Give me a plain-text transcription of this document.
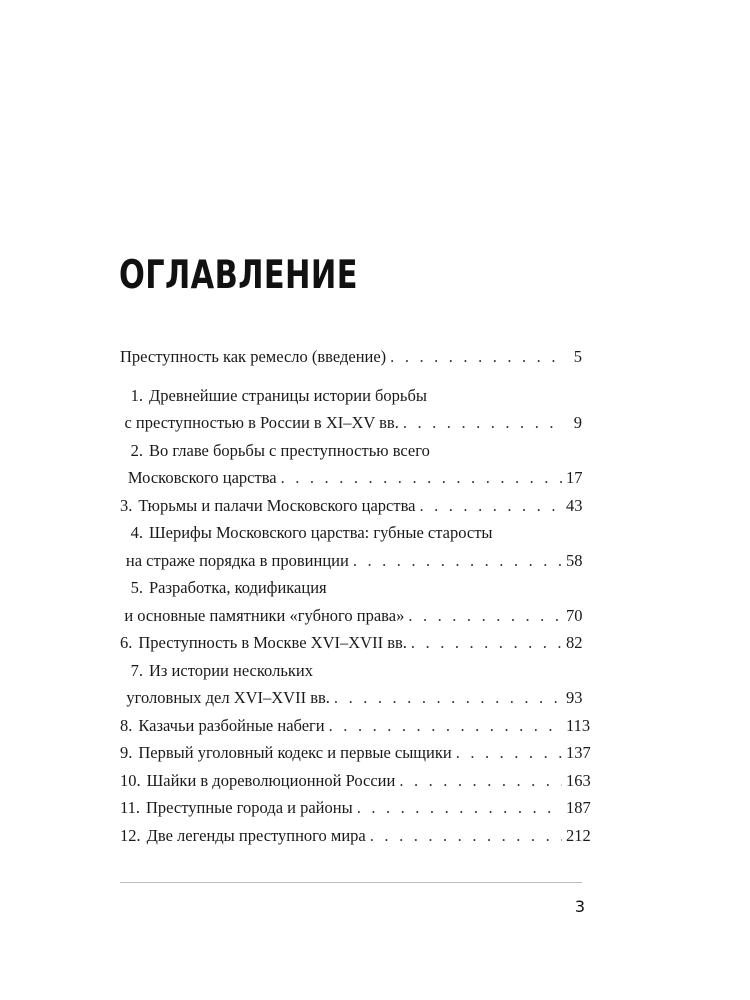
ОГЛАВЛЕНИЕ
Преступность как ремесло (введение) . . .	5
1. Древнейшие страницы истории борьбы
с преступностью в России в XI–XV вв. . . .	9
2. Во главе борьбы с преступностью всего
Московского царства . . .	17
3. Тюрьмы и палачи Московского царства . . .	43
4. Шерифы Московского царства: губные старосты
на страже порядка в провинции . . .	58
5. Разработка, кодификация
и основные памятники «губного права» . . .	70
6. Преступность в Москве XVI–XVII вв. . . .	82
7. Из истории нескольких
уголовных дел XVI–XVII вв. . . .	93
8. Казачьи разбойные набеги . . .	113
9. Первый уголовный кодекс и первые сыщики . . .	137
10. Шайки в дореволюционной России . . .	163
11. Преступные города и районы . . .	187
12. Две легенды преступного мира . . .	212
3
